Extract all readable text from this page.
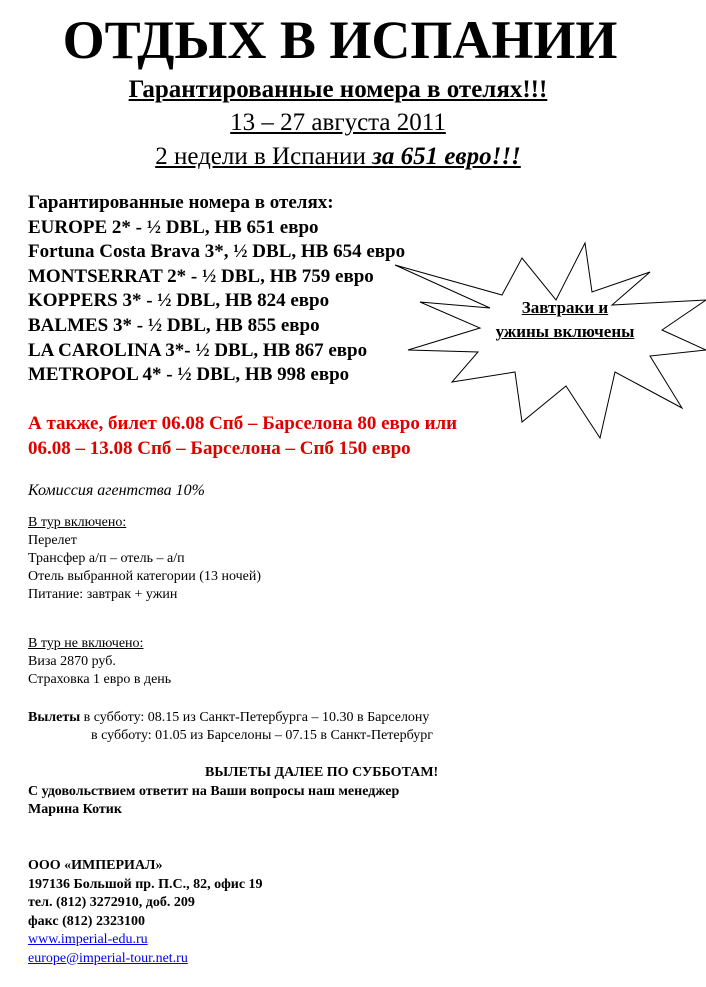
ОТДЫХ В ИСПАНИИ
Гарантированные номера в отелях!!!
13 – 27 августа 2011
2 недели в Испании за 651 евро!!!
Гарантированные номера в отелях:
EUROPE 2* - ½ DBL, HB 651 евро
Fortuna Costa Brava 3*, ½ DBL, HB 654 евро
MONTSERRAT 2* - ½ DBL, HB 759 евро
KOPPERS 3* - ½ DBL, HB 824 евро
BALMES 3* - ½ DBL, HB 855 евро
LA CAROLINA 3*- ½ DBL, HB 867 евро
METROPOL 4* - ½ DBL, HB 998 евро
Завтраки и
ужины включены
А также, билет 06.08 Спб – Барселона 80 евро или
06.08 – 13.08 Спб – Барселона – Спб 150 евро
Комиссия агентства 10%
В тур включено:
Перелет
Трансфер а/п – отель – а/п
Отель выбранной категории (13 ночей)
Питание: завтрак + ужин
В тур не включено:
Виза 2870 руб.
Страховка 1 евро в день
Вылеты в субботу: 08.15 из Санкт-Петербурга – 10.30 в Барселону
в субботу: 01.05 из Барселоны – 07.15 в Санкт-Петербург
ВЫЛЕТЫ ДАЛЕЕ ПО СУББОТАМ!
С удовольствием ответит на Ваши вопросы наш менеджер
Марина Котик
ООО «ИМПЕРИАЛ»
197136 Большой пр. П.С., 82, офис 19
тел. (812) 3272910, доб. 209
факс (812) 2323100
www.imperial-edu.ru
europe@imperial-tour.net.ru
